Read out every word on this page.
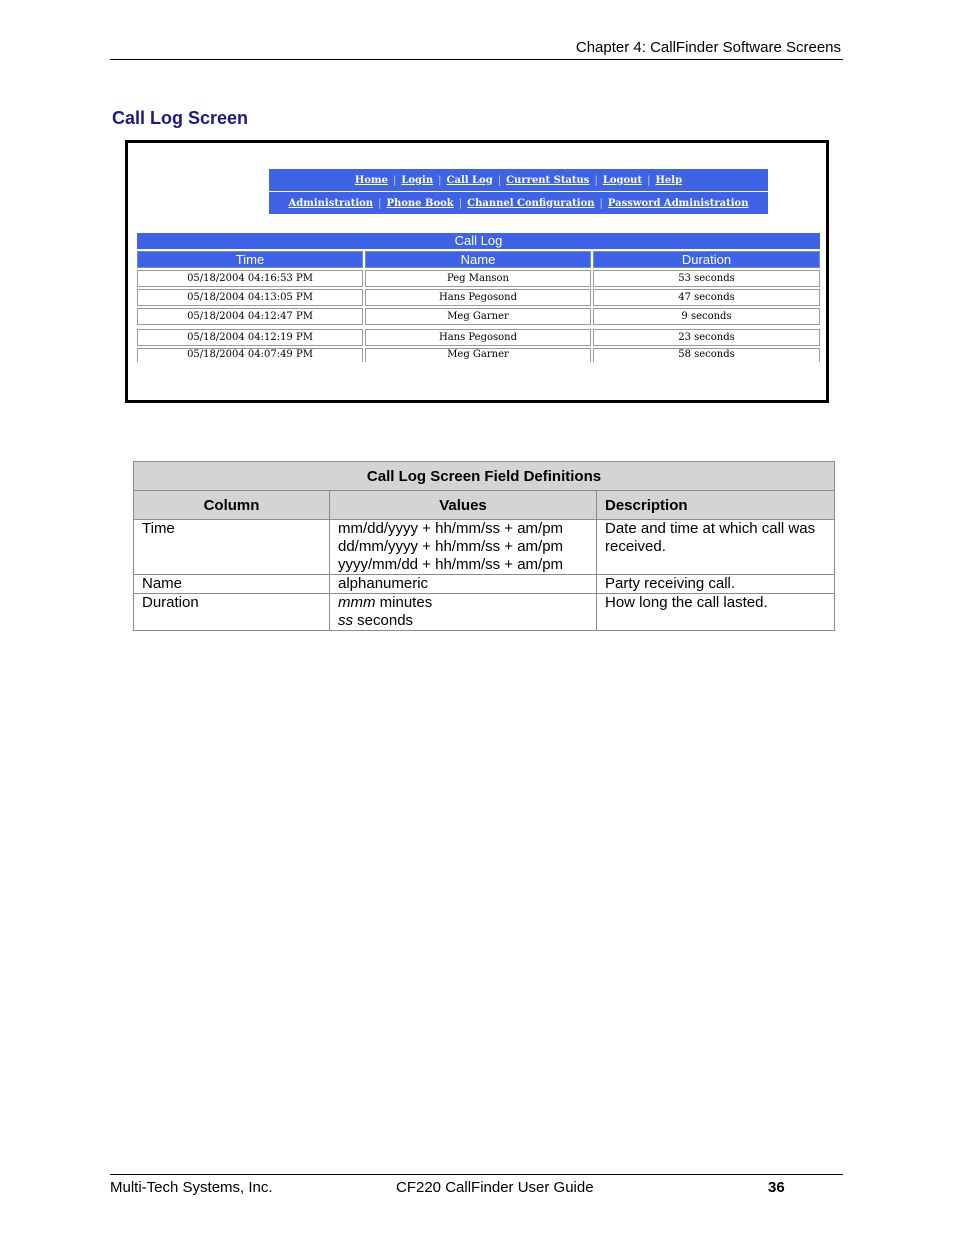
Chapter 4: CallFinder Software Screens
Call Log Screen
Home | Login | Call Log | Current Status | Logout | Help
Administration | Phone Book | Channel Configuration | Password Administration
Call Log
Time	Name	Duration
05/18/2004 04:16:53 PM	Peg Manson	53 seconds
05/18/2004 04:13:05 PM	Hans Pegosond	47 seconds
05/18/2004 04:12:47 PM	Meg Garner	9 seconds
05/18/2004 04:12:19 PM	Hans Pegosond	23 seconds
05/18/2004 04:07:49 PM	Meg Garner	58 seconds
Call Log Screen Field Definitions		
Column	Values	Description
Time	mm/dd/yyyy + hh/mm/ss + am/pm
dd/mm/yyyy + hh/mm/ss + am/pm
yyyy/mm/dd + hh/mm/ss + am/pm	Date and time at which call was received.
Name	alphanumeric	Party receiving call.
Duration	mmm minutes
ss seconds	How long the call lasted.
Multi-Tech Systems, Inc.	CF220 CallFinder User Guide	36
